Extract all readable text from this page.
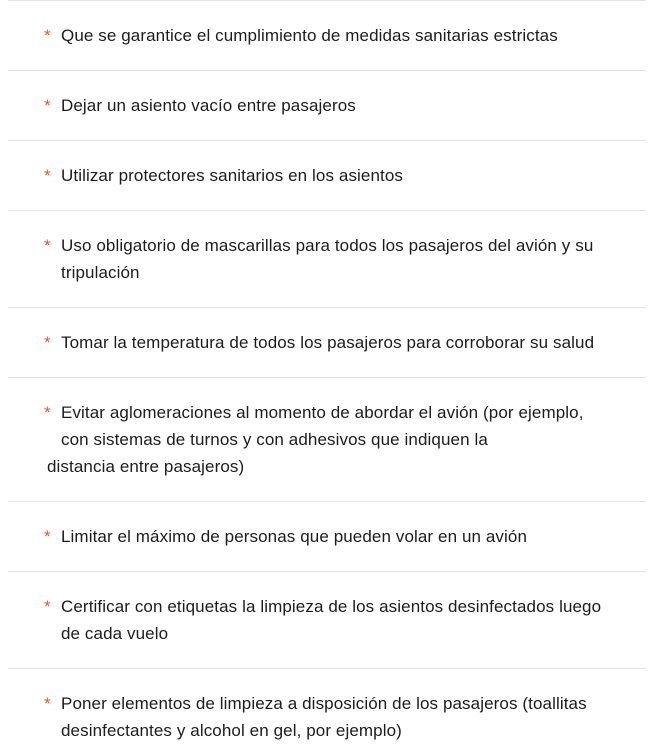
* Que se garantice el cumplimiento de medidas sanitarias estrictas
* Dejar un asiento vacío entre pasajeros
* Utilizar protectores sanitarios en los asientos
* Uso obligatorio de mascarillas para todos los pasajeros del avión y su tripulación
* Tomar la temperatura de todos los pasajeros para corroborar su salud
* Evitar aglomeraciones al momento de abordar el avión (por ejemplo, con sistemas de turnos y con adhesivos que indiquen la
distancia entre pasajeros)
* Limitar el máximo de personas que pueden volar en un avión
* Certificar con etiquetas la limpieza de los asientos desinfectados luego de cada vuelo
* Poner elementos de limpieza a disposición de los pasajeros (toallitas desinfectantes y alcohol en gel, por ejemplo)
